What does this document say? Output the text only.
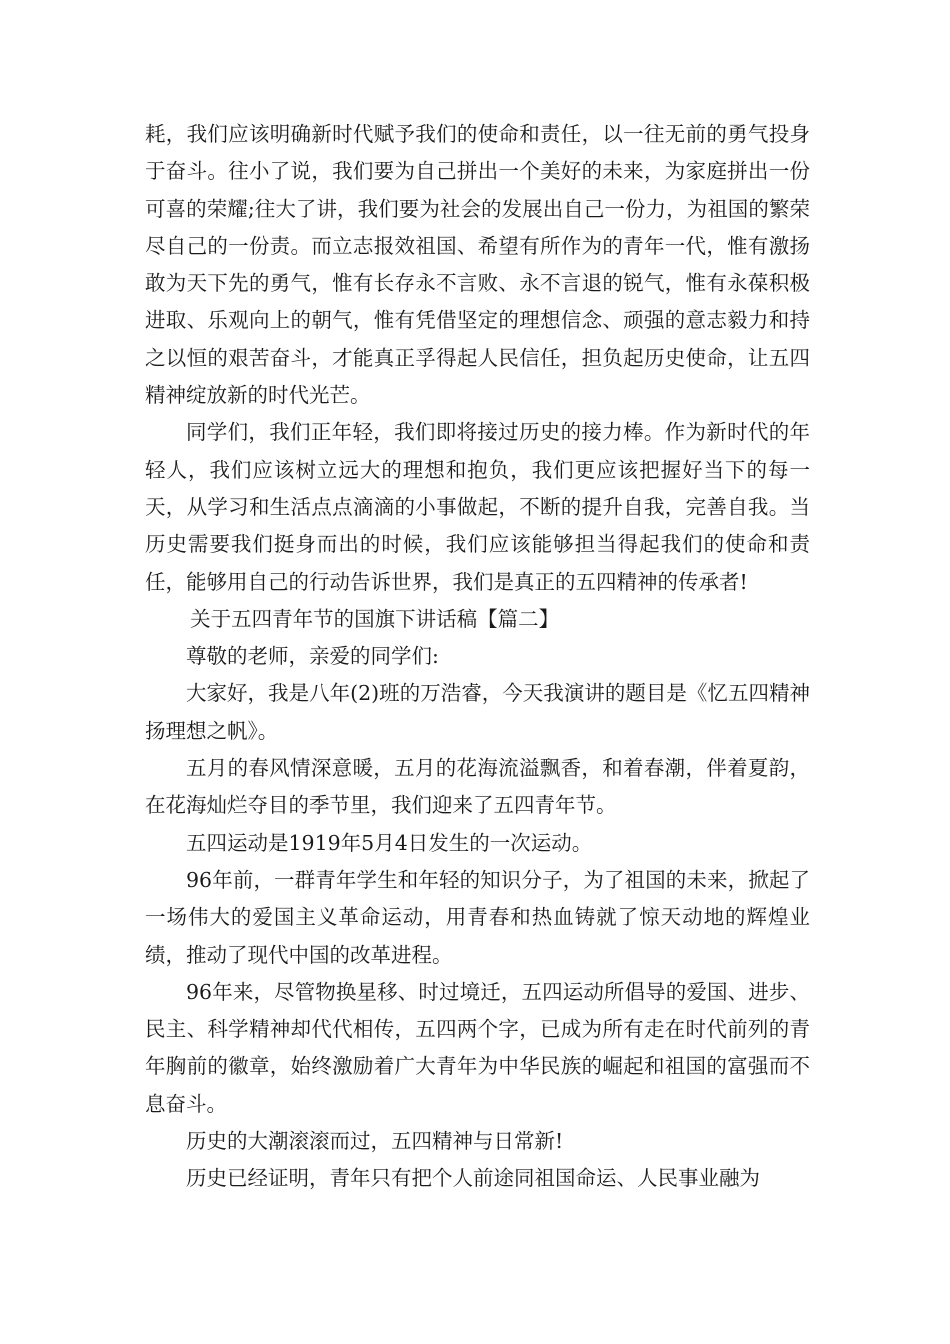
耗，我们应该明确新时代赋予我们的使命和责任，以一往无前的勇气投身于奋斗。往小了说，我们要为自己拼出一个美好的未来，为家庭拼出一份可喜的荣耀;往大了讲，我们要为社会的发展出自己一份力，为祖国的繁荣尽自己的一份责。而立志报效祖国、希望有所作为的青年一代，惟有激扬敢为天下先的勇气，惟有长存永不言败、永不言退的锐气，惟有永葆积极进取、乐观向上的朝气，惟有凭借坚定的理想信念、顽强的意志毅力和持之以恒的艰苦奋斗，才能真正孚得起人民信任，担负起历史使命，让五四精神绽放新的时代光芒。

同学们，我们正年轻，我们即将接过历史的接力棒。作为新时代的年轻人，我们应该树立远大的理想和抱负，我们更应该把握好当下的每一天，从学习和生活点点滴滴的小事做起，不断的提升自我，完善自我。当历史需要我们挺身而出的时候，我们应该能够担当得起我们的使命和责任，能够用自己的行动告诉世界，我们是真正的五四精神的传承者!

关于五四青年节的国旗下讲话稿【篇二】

尊敬的老师，亲爱的同学们:

大家好，我是八年(2)班的万浩睿，今天我演讲的题目是《忆五四精神扬理想之帆》。

五月的春风情深意暖，五月的花海流溢飘香，和着春潮，伴着夏韵，在花海灿烂夺目的季节里，我们迎来了五四青年节。

五四运动是1919年5月4日发生的一次运动。

96年前，一群青年学生和年轻的知识分子，为了祖国的未来，掀起了一场伟大的爱国主义革命运动，用青春和热血铸就了惊天动地的辉煌业绩，推动了现代中国的改革进程。

96年来，尽管物换星移、时过境迁，五四运动所倡导的爱国、进步、民主、科学精神却代代相传，五四两个字，已成为所有走在时代前列的青年胸前的徽章，始终激励着广大青年为中华民族的崛起和祖国的富强而不息奋斗。

历史的大潮滚滚而过，五四精神与日常新!

历史已经证明，青年只有把个人前途同祖国命运、人民事业融为
